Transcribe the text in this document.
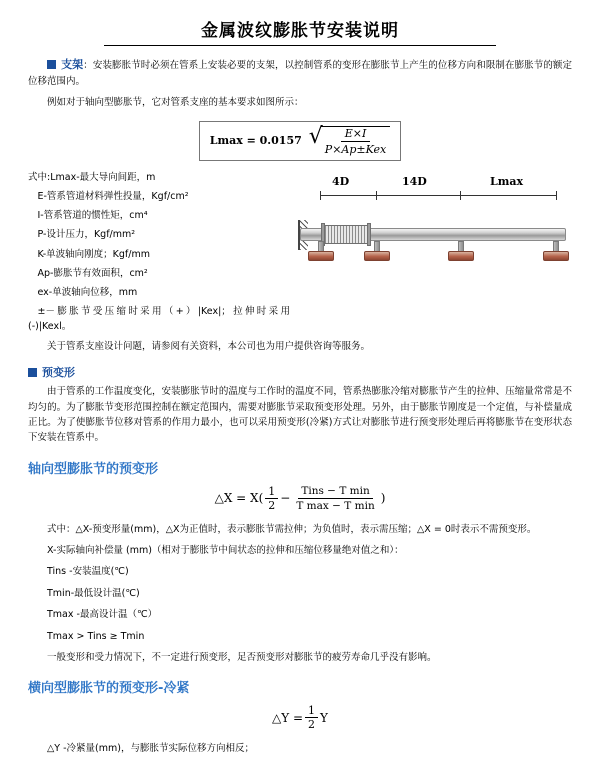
金属波纹膨胀节安装说明

支架：安装膨胀节时必须在管系上安装必要的支架，以控制管系的变形在膨胀节上产生的位移方向和限制在膨胀节的额定位移范围内。

例如对于轴向型膨胀节，它对管系支座的基本要求如图所示：

Lmax = 0.0157 √
$\frac{E\times I}{\text{P×Ap±Kex}}$
4D	14D	Lmax

式中:Lmax-最大导向间距，m

E-管系管道材料弹性投量，Kgf/cm²

I-管系管道的惯性矩，cm⁴

P-设计压力，Kgf/mm²

K-单波轴向刚度；Kgf/mm

Ap-膨胀节有效面积，cm²

ex-单波轴向位移，mm

±－膨胀节受压缩时采用（+）|Kex|；拉伸时采用(-)|Kexl。

关于管系支座设计问题，请参阅有关资料，本公司也为用户提供咨询等服务。

预变形

由于管系的工作温度变化，安装膨胀节时的温度与工作时的温度不同，管系热膨胀冷缩对膨胀节产生的拉伸、压缩量常常是不均匀的。为了膨胀节变形范围控制在额定范围内，需要对膨胀节采取预变形处理。另外，由于膨胀节刚度是一个定值，与补偿量成正比。为了使膨胀节位移对管系的作用力最小，也可以采用预变形(冷紧)方式让对膨胀节进行预变形处理后再将膨胀节在变形状态下安装在管系中。

轴向型膨胀节的预变形
△X = $X( \frac{1}{2} - \frac{\text{Tins − T min}}{\text{T max − T min}}$ )

式中：△X-预变形量(mm)，△X为正值时，表示膨胀节需拉伸；为负值时，表示需压缩；△X = 0时表示不需预变形。

X-实际轴向补偿量 (mm)（相对于膨胀节中间状态的拉伸和压缩位移量绝对值之和）：

Tins -安装温度(℃)

Tmin-最低设计温(℃)

Tmax -最高设计温（℃）

Tmax > Tins ≥ Tmin

一般变形和受力情况下，不一定进行预变形，足否预变形对膨胀节的疲劳寿命几乎没有影响。

横向型膨胀节的预变形-冷紧
△Y = $\frac{1}{2}$ Y

△Y -冷紧量(mm)，与膨胀节实际位移方向相反；
